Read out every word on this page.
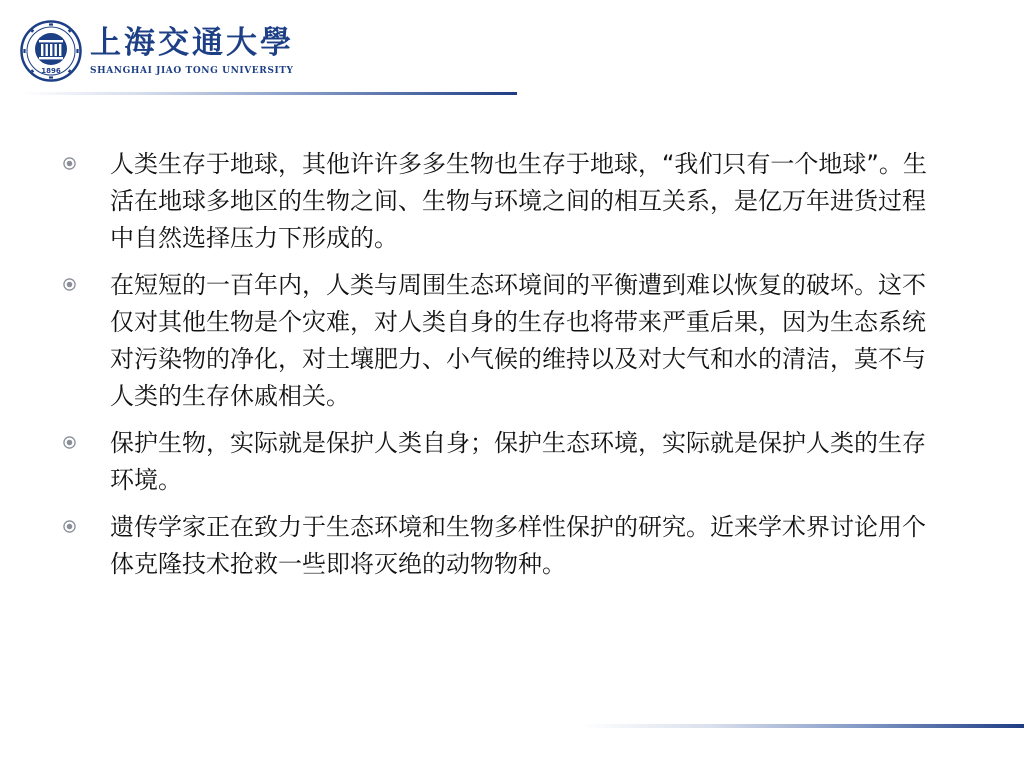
1896
上海交通大學
SHANGHAI JIAO TONG UNIVERSITY
人类生存于地球，其他许许多多生物也生存于地球，“我们只有一个地球”。生活在地球多地区的生物之间、生物与环境之间的相互关系，是亿万年进货过程中自然选择压力下形成的。
在短短的一百年内，人类与周围生态环境间的平衡遭到难以恢复的破坏。这不仅对其他生物是个灾难，对人类自身的生存也将带来严重后果，因为生态系统对污染物的净化，对土壤肥力、小气候的维持以及对大气和水的清洁，莫不与人类的生存休戚相关。
保护生物，实际就是保护人类自身；保护生态环境，实际就是保护人类的生存环境。
遗传学家正在致力于生态环境和生物多样性保护的研究。近来学术界讨论用个体克隆技术抢救一些即将灭绝的动物物种。
